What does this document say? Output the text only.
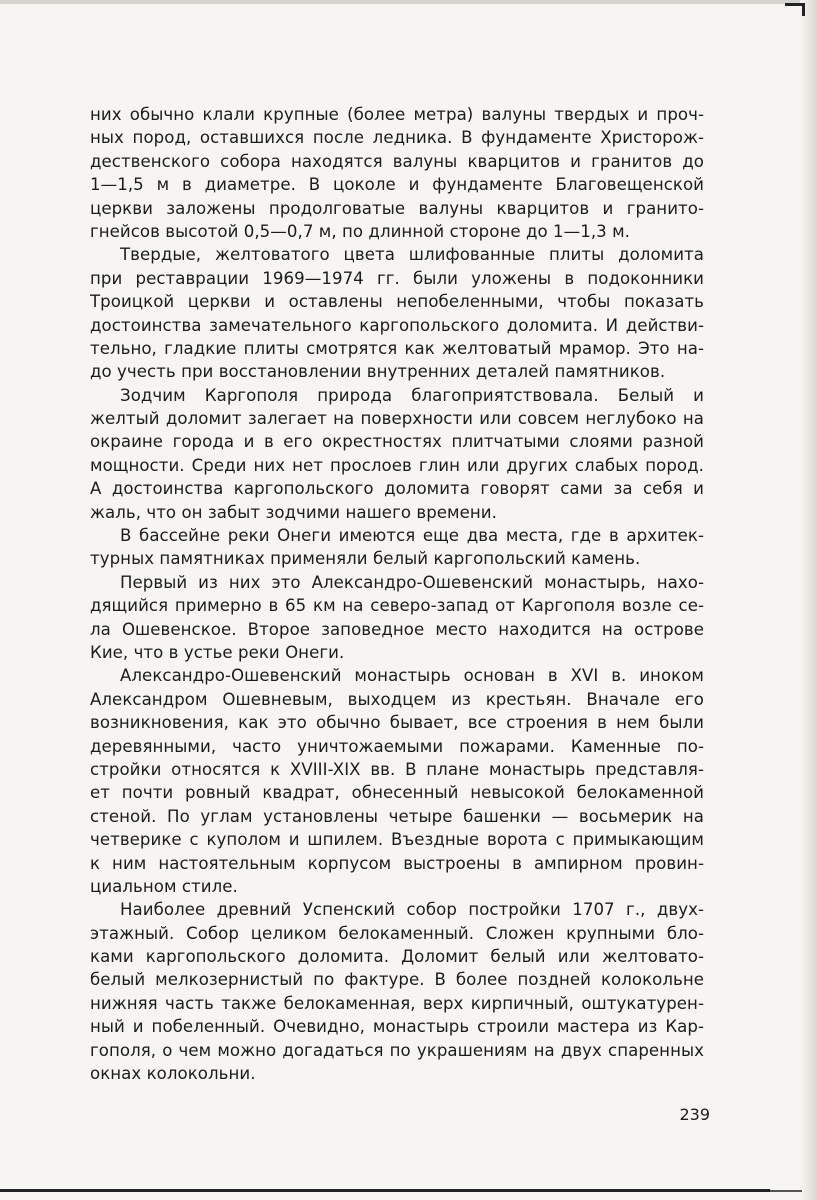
них обычно клали крупные (более метра) валуны твердых и проч-
ных пород, оставшихся после ледника. В фундаменте Христорож-
дественского собора находятся валуны кварцитов и гранитов до
1—1,5 м в диаметре. В цоколе и фундаменте Благовещенской
церкви заложены продолговатые валуны кварцитов и гранито-
гнейсов высотой 0,5—0,7 м, по длинной стороне до 1—1,3 м.
Твердые, желтоватого цвета шлифованные плиты доломита
при реставрации 1969—1974 гг. были уложены в подоконники
Троицкой церкви и оставлены непобеленными, чтобы показать
достоинства замечательного каргопольского доломита. И действи-
тельно, гладкие плиты смотрятся как желтоватый мрамор. Это на-
до учесть при восстановлении внутренних деталей памятников.
Зодчим Каргополя природа благоприятствовала. Белый и
желтый доломит залегает на поверхности или совсем неглубоко на
окраине города и в его окрестностях плитчатыми слоями разной
мощности. Среди них нет прослоев глин или других слабых пород.
А достоинства каргопольского доломита говорят сами за себя и
жаль, что он забыт зодчими нашего времени.
В бассейне реки Онеги имеются еще два места, где в архитек-
турных памятниках применяли белый каргопольский камень.
Первый из них это Александро-Ошевенский монастырь, нахо-
дящийся примерно в 65 км на северо-запад от Каргополя возле се-
ла Ошевенское. Второе заповедное место находится на острове
Кие, что в устье реки Онеги.
Александро-Ошевенский монастырь основан в XVI в. иноком
Александром Ошевневым, выходцем из крестьян. Вначале его
возникновения, как это обычно бывает, все строения в нем были
деревянными, часто уничтожаемыми пожарами. Каменные по-
стройки относятся к XVIII-XIX вв. В плане монастырь представля-
ет почти ровный квадрат, обнесенный невысокой белокаменной
стеной. По углам установлены четыре башенки — восьмерик на
четверике с куполом и шпилем. Въездные ворота с примыкающим
к ним настоятельным корпусом выстроены в ампирном провин-
циальном стиле.
Наиболее древний Успенский собор постройки 1707 г., двух-
этажный. Собор целиком белокаменный. Сложен крупными бло-
ками каргопольского доломита. Доломит белый или желтовато-
белый мелкозернистый по фактуре. В более поздней колокольне
нижняя часть также белокаменная, верх кирпичный, оштукатурен-
ный и побеленный. Очевидно, монастырь строили мастера из Кар-
гополя, о чем можно догадаться по украшениям на двух спаренных
окнах колокольни.
239
